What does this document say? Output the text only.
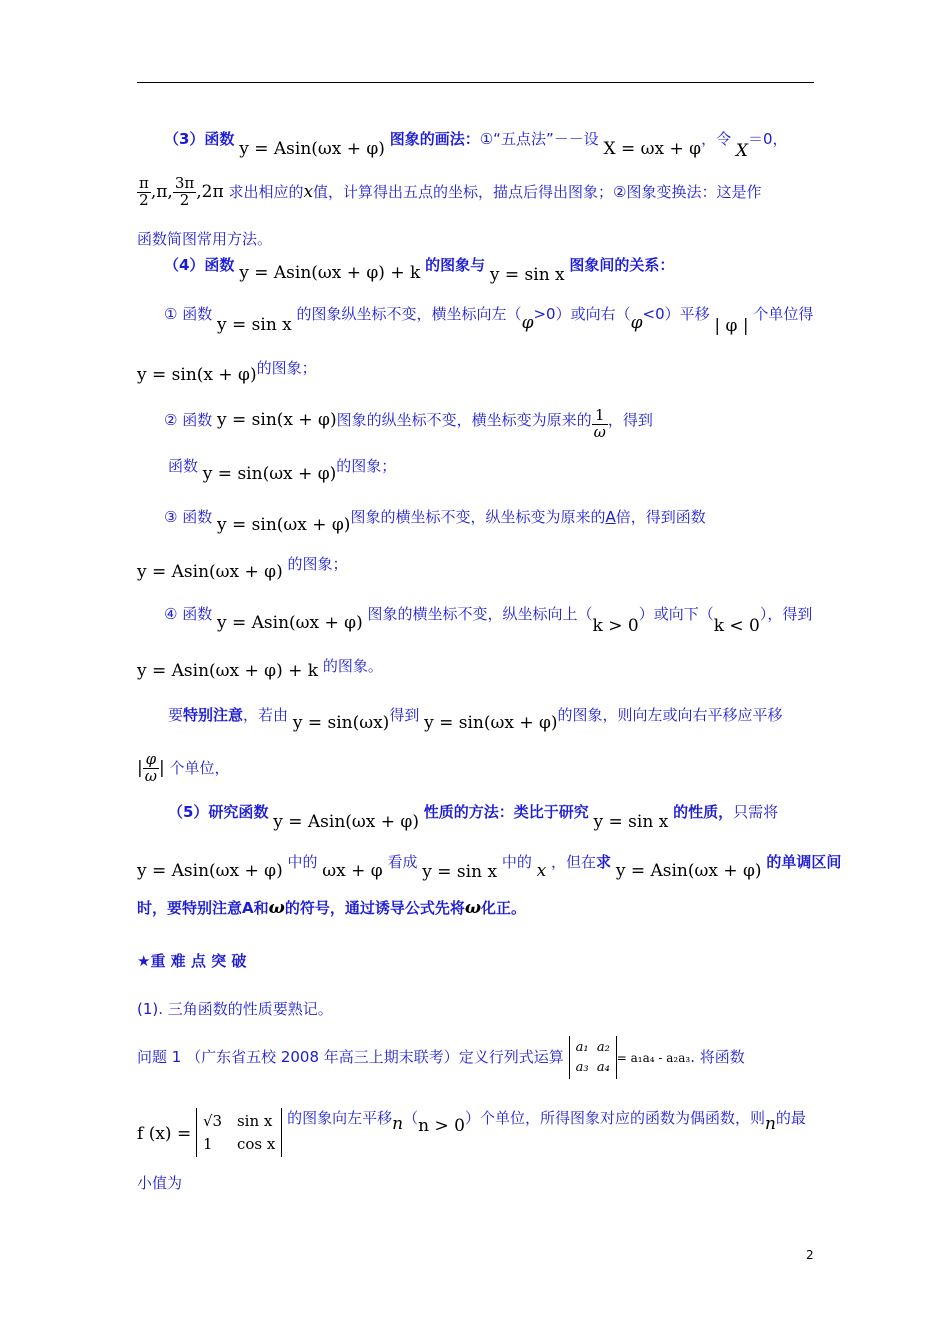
（3）函数 y = Asin(ωx + φ) 图象的画法：①“五点法”－－设 X = ωx + φ，令 X＝0，
$\frac{\pi}{2} ,\pi$, $\frac{3\pi}{2} ,2\pi$ 求出相应的x值，计算得出五点的坐标，描点后得出图象；②图象变换法：这是作
函数简图常用方法。
（4）函数 y = Asin(ωx + φ) + k 的图象与 y = sin x 图象间的关系：
① 函数 y = sin x 的图象纵坐标不变，横坐标向左（φ>0）或向右（φ<0）平移 | φ | 个单位得
y = sin(x + φ)的图象；
② 函数 y = sin(x + φ)图象的纵坐标不变，横坐标变为原来的 $\frac{1}{\omega}$ ，得到
函数 y = sin(ωx + φ)的图象；
③ 函数 y = sin(ωx + φ)图象的横坐标不变，纵坐标变为原来的A倍，得到函数
y = Asin(ωx + φ) 的图象；
④ 函数 y = Asin(ωx + φ) 图象的横坐标不变，纵坐标向上（k > 0）或向下（k < 0），得到
y = Asin(ωx + φ) + k 的图象。
要特别注意，若由 y = sin(ωx)得到 y = sin(ωx + φ)的图象，则向左或向右平移应平移
| $\frac{\varphi}{\omega}$ | 个单位，
（5）研究函数 y = Asin(ωx + φ) 性质的方法：类比于研究 y = sin x 的性质，只需将
y = Asin(ωx + φ) 中的 ωx + φ 看成 y = sin x 中的 x ，但在求 y = Asin(ωx + φ) 的单调区间
时，要特别注意A和ω的符号，通过诱导公式先将ω化正。
★重 难 点 突 破
(1). 三角函数的性质要熟记。
问题 1 （广东省五校 2008 年高三上期末联考）定义行列式运算 a₁ a₂
a₃ a₄= a₁a₄ - a₂a₃. 将函数
f (x) = √3 sin x
1 cos x 的图象向左平移n（n > 0）个单位，所得图象对应的函数为偶函数，则n的最
小值为
2
